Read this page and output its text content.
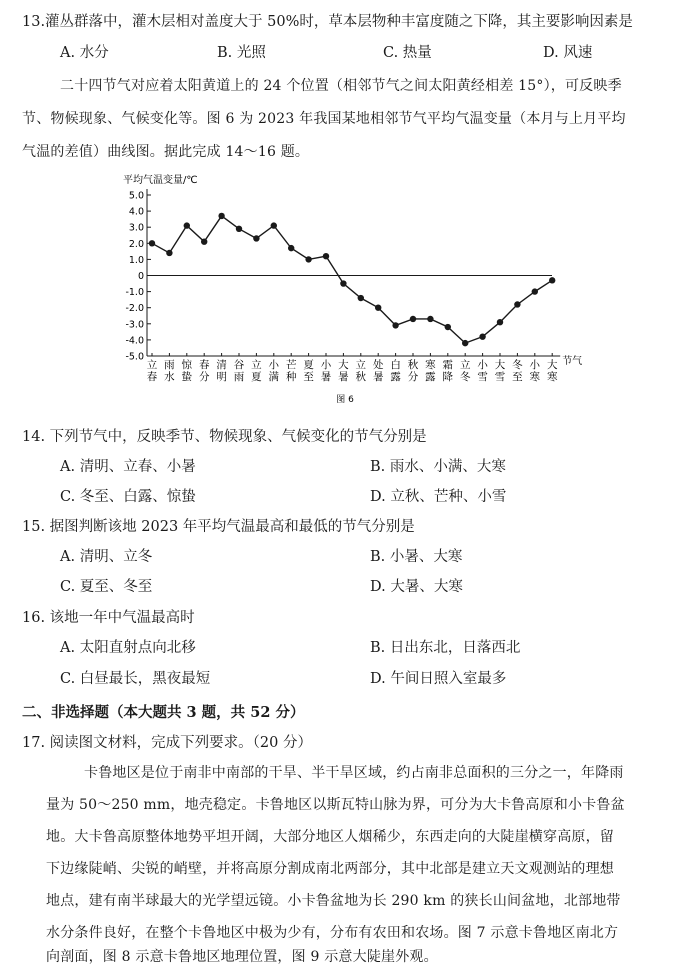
13.灌丛群落中，灌木层相对盖度大于 50%时，草本层物种丰富度随之下降，其主要影响因素是
A. 水分	B. 光照	C. 热量	D. 风速
二十四节气对应着太阳黄道上的 24 个位置（相邻节气之间太阳黄经相差 15°），可反映季
节、物候现象、气候变化等。图 6 为 2023 年我国某地相邻节气平均气温变量（本月与上月平均
气温的差值）曲线图。据此完成 14～16 题。
平均气温变量/℃
5.0
4.0
3.0
2.0
1.0
0
-1.0
-2.0
-3.0
-4.0
-5.0
立春
雨水
惊蛰
春分
清明
谷雨
立夏
小满
芒种
夏至
小暑
大暑
立秋
处暑
白露
秋分
寒露
霜降
立冬
小雪
大雪
冬至
小寒
大寒
节气
图 6
14. 下列节气中，反映季节、物候现象、气候变化的节气分别是
A. 清明、立春、小暑	B. 雨水、小满、大寒
C. 冬至、白露、惊蛰	D. 立秋、芒种、小雪
15. 据图判断该地 2023 年平均气温最高和最低的节气分别是
A. 清明、立冬	B. 小暑、大寒
C. 夏至、冬至	D. 大暑、大寒
16. 该地一年中气温最高时
A. 太阳直射点向北移	B. 日出东北，日落西北
C. 白昼最长，黑夜最短	D. 午间日照入室最多
二、非选择题（本大题共 3 题，共 52 分）
17. 阅读图文材料，完成下列要求。（20 分）
卡鲁地区是位于南非中南部的干旱、半干旱区域，约占南非总面积的三分之一，年降雨
量为 50～250 mm，地壳稳定。卡鲁地区以斯瓦特山脉为界，可分为大卡鲁高原和小卡鲁盆
地。大卡鲁高原整体地势平坦开阔，大部分地区人烟稀少，东西走向的大陡崖横穿高原，留
下边缘陡峭、尖锐的峭壁，并将高原分割成南北两部分，其中北部是建立天文观测站的理想
地点，建有南半球最大的光学望远镜。小卡鲁盆地为长 290 km 的狭长山间盆地，北部地带
水分条件良好，在整个卡鲁地区中极为少有，分布有农田和农场。图 7 示意卡鲁地区南北方
向剖面，图 8 示意卡鲁地区地理位置，图 9 示意大陡崖外观。
